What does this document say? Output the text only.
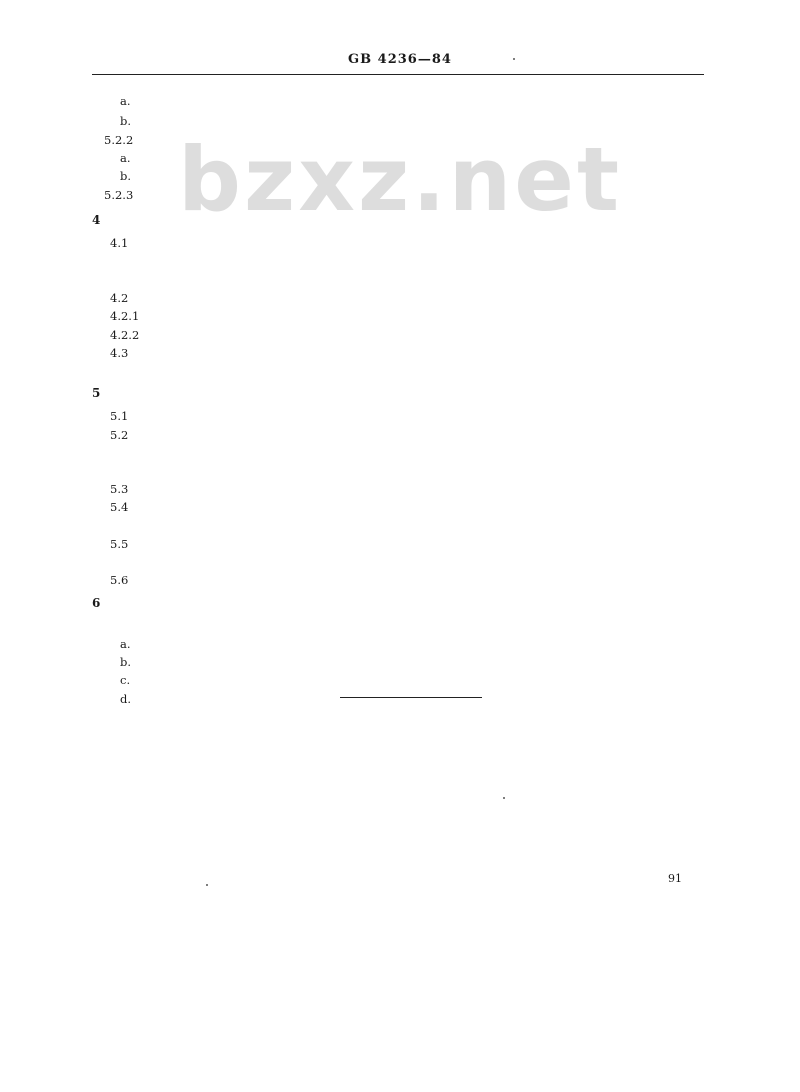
bzxz.net
GB 4236—84
a.
b.
5.2.2
a.
b.
5.2.3
4
4.1
4.2
4.2.1
4.2.2
4.3
5
5.1
5.2
5.3
5.4
5.5
5.6
6
a.
b.
c.
d.
91
